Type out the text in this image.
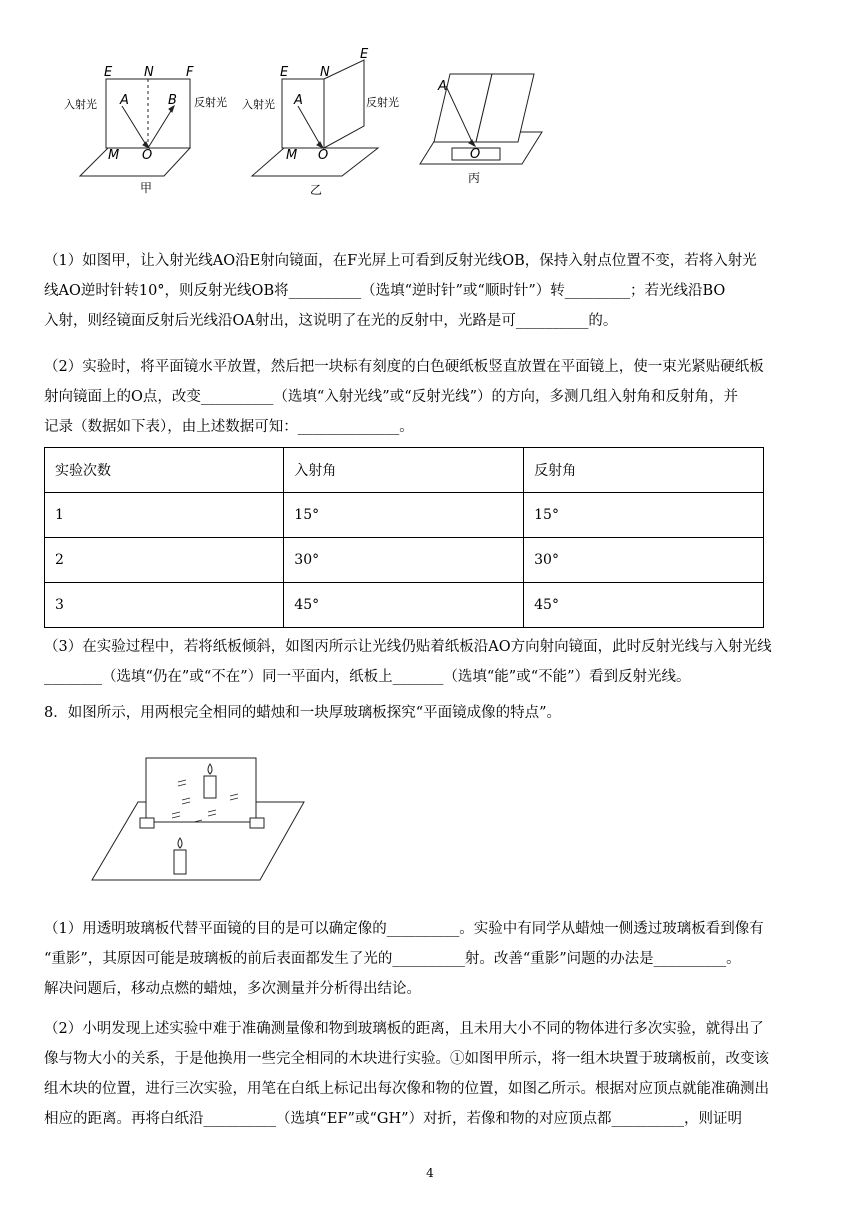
E N F
A	B
M O
入射光	反射光
甲
E N
E
A
M O
入射光	反射光
乙
A
O
丙
（1）如图甲，让入射光线AO沿E射向镜面，在F光屏上可看到反射光线OB，保持入射点位置不变，若将入射光
线AO逆时针转10°，则反射光线OB将__________（选填“逆时针”或“顺时针”）转_________；若光线沿BO
入射，则经镜面反射后光线沿OA射出，这说明了在光的反射中，光路是可__________的。
（2）实验时，将平面镜水平放置，然后把一块标有刻度的白色硬纸板竖直放置在平面镜上，使一束光紧贴硬纸板
射向镜面上的O点，改变__________（选填“入射光线”或“反射光线”）的方向，多测几组入射角和反射角，并
记录（数据如下表），由上述数据可知：______________。
实验次数	入射角	反射角
1	15°	15°
2	30°	30°
3	45°	45°
（3）在实验过程中，若将纸板倾斜，如图丙所示让光线仍贴着纸板沿AO方向射向镜面，此时反射光线与入射光线
________（选填“仍在”或“不在”）同一平面内，纸板上_______（选填“能”或“不能”）看到反射光线。
8．如图所示，用两根完全相同的蜡烛和一块厚玻璃板探究“平面镜成像的特点”。
（1）用透明玻璃板代替平面镜的目的是可以确定像的__________。实验中有同学从蜡烛一侧透过玻璃板看到像有
“重影”，其原因可能是玻璃板的前后表面都发生了光的__________射。改善“重影”问题的办法是__________。
解决问题后，移动点燃的蜡烛，多次测量并分析得出结论。
（2）小明发现上述实验中难于准确测量像和物到玻璃板的距离，且未用大小不同的物体进行多次实验，就得出了
像与物大小的关系，于是他换用一些完全相同的木块进行实验。①如图甲所示，将一组木块置于玻璃板前，改变该
组木块的位置，进行三次实验，用笔在白纸上标记出每次像和物的位置，如图乙所示。根据对应顶点就能准确测出
相应的距离。再将白纸沿__________（选填“EF”或“GH”）对折，若像和物的对应顶点都__________，则证明
4
